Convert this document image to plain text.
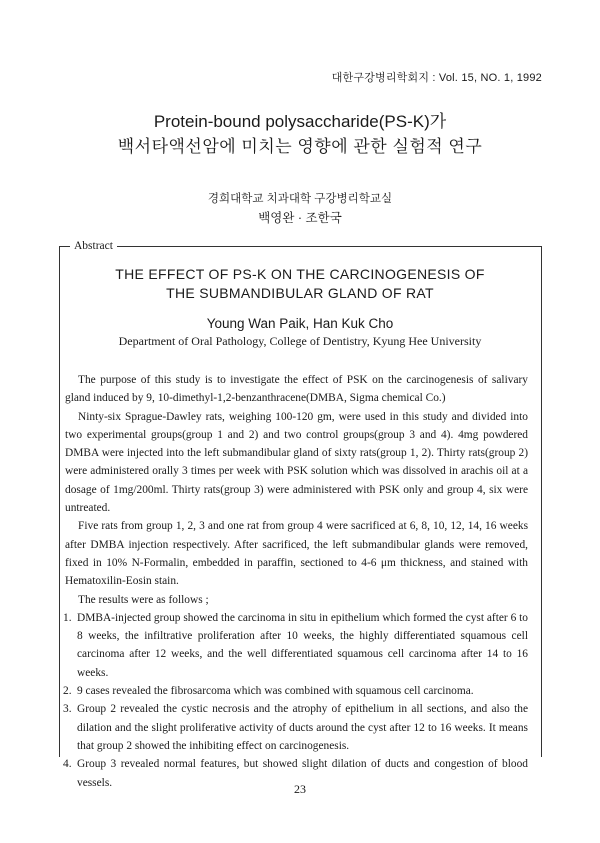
대한구강병리학회지 : Vol. 15, NO. 1, 1992
Protein-bound polysaccharide(PS-K)가
백서타액선암에 미치는 영향에 관한 실험적 연구
경희대학교 치과대학 구강병리학교실
백영완 · 조한국
Abstract
THE EFFECT OF PS-K ON THE CARCINOGENESIS OF
THE SUBMANDIBULAR GLAND OF RAT
Young Wan Paik, Han Kuk Cho
Department of Oral Pathology, College of Dentistry, Kyung Hee University

The purpose of this study is to investigate the effect of PSK on the carcinogenesis of salivary gland induced by 9, 10-dimethyl-1,2-benzanthracene(DMBA, Sigma chemical Co.)

Ninty-six Sprague-Dawley rats, weighing 100-120 gm, were used in this study and divided into two experimental groups(group 1 and 2) and two control groups(group 3 and 4). 4mg powdered DMBA were injected into the left submandibular gland of sixty rats(group 1, 2). Thirty rats(group 2) were administered orally 3 times per week with PSK solution which was dissolved in arachis oil at a dosage of 1mg/200ml. Thirty rats(group 3) were administered with PSK only and group 4, six were untreated.

Five rats from group 1, 2, 3 and one rat from group 4 were sacrificed at 6, 8, 10, 12, 14, 16 weeks after DMBA injection respectively. After sacrificed, the left submandibular glands were removed, fixed in 10% N-Formalin, embedded in paraffin, sectioned to 4-6 μm thickness, and stained with Hematoxilin-Eosin stain.

The results were as follows ;
1. DMBA-injected group showed the carcinoma in situ in epithelium which formed the cyst after 6 to 8 weeks, the infiltrative proliferation after 10 weeks, the highly differentiated squamous cell carcinoma after 12 weeks, and the well differentiated squamous cell carcinoma after 14 to 16 weeks.
2. 9 cases revealed the fibrosarcoma which was combined with squamous cell carcinoma.
3. Group 2 revealed the cystic necrosis and the atrophy of epithelium in all sections, and also the dilation and the slight proliferative activity of ducts around the cyst after 12 to 16 weeks. It means that group 2 showed the inhibiting effect on carcinogenesis.
4. Group 3 revealed normal features, but showed slight dilation of ducts and congestion of blood vessels.	23
